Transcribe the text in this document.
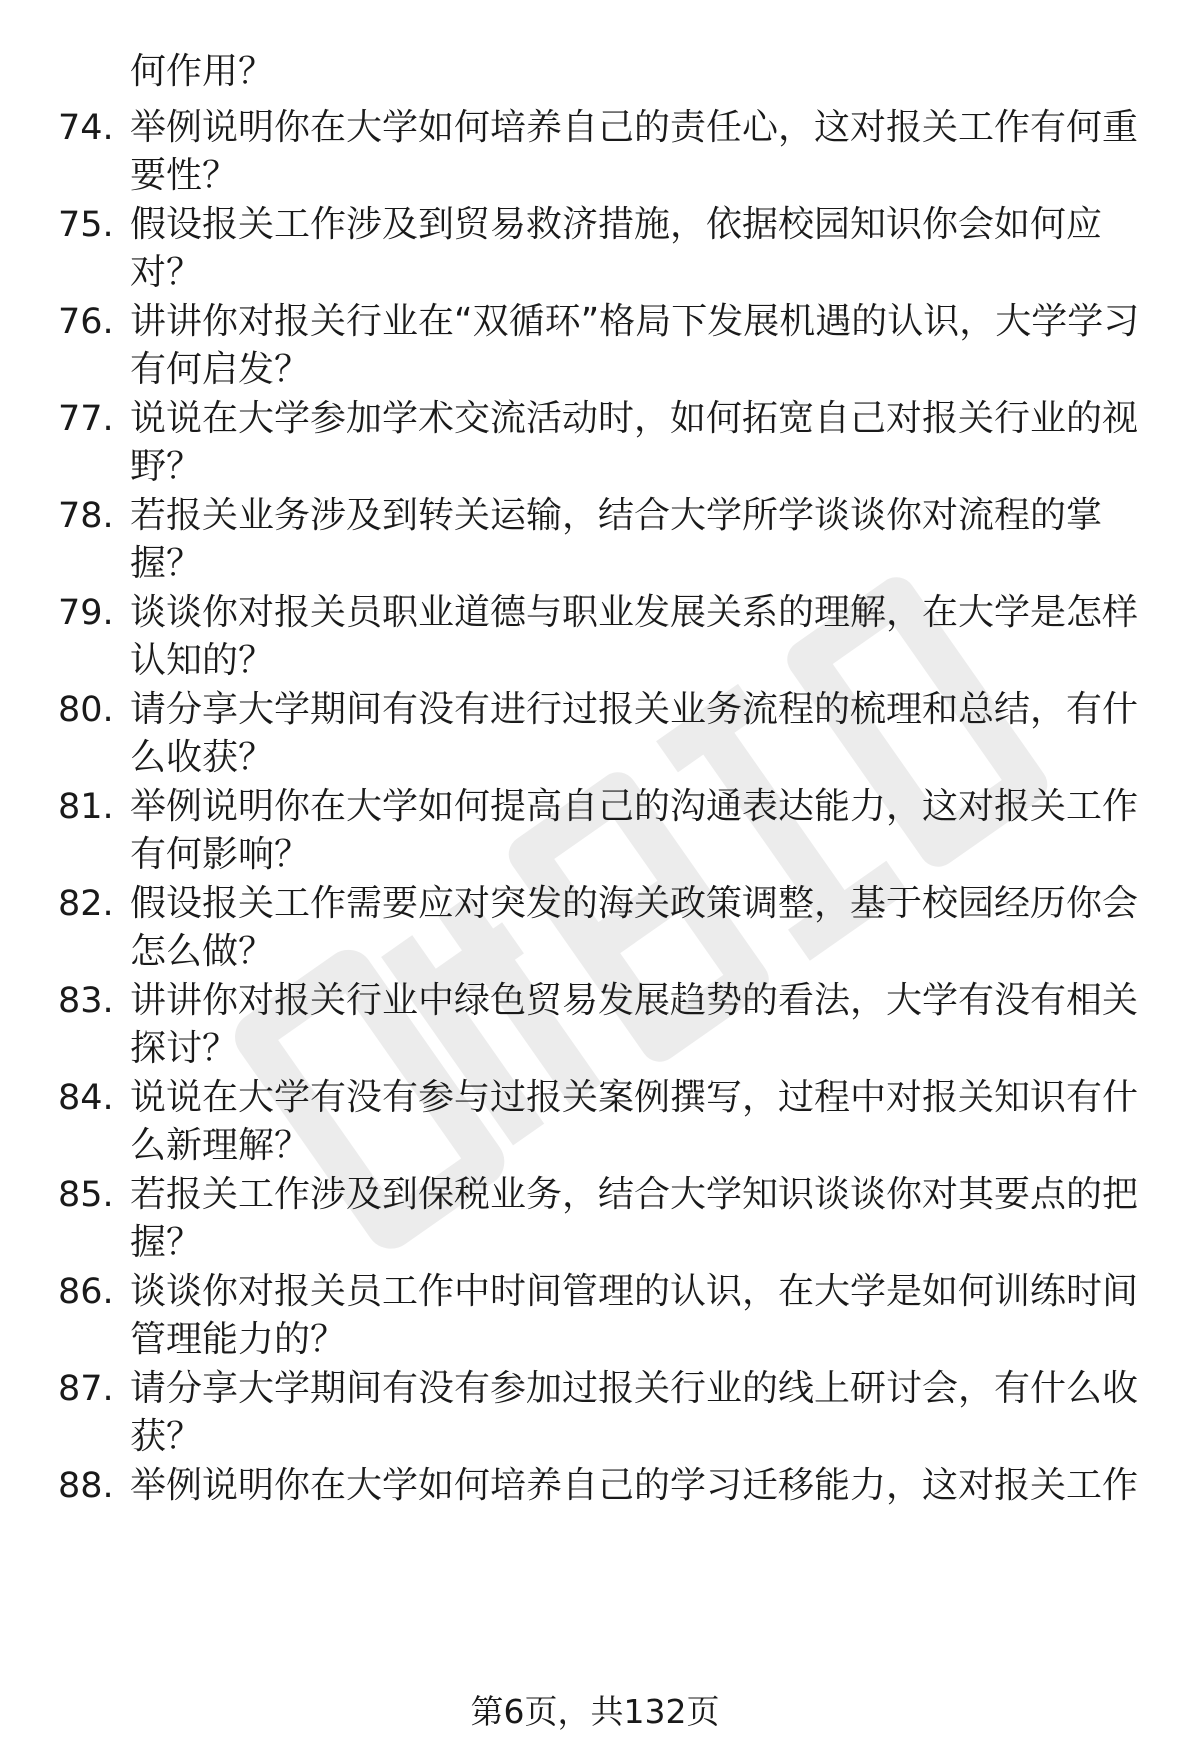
何作用？
74. 举例说明你在大学如何培养自己的责任心，这对报关工作有何重
要性？
75. 假设报关工作涉及到贸易救济措施，依据校园知识你会如何应
对？
76. 讲讲你对报关行业在“双循环”格局下发展机遇的认识，大学学习
有何启发？
77. 说说在大学参加学术交流活动时，如何拓宽自己对报关行业的视
野？
78. 若报关业务涉及到转关运输，结合大学所学谈谈你对流程的掌
握？
79. 谈谈你对报关员职业道德与职业发展关系的理解，在大学是怎样
认知的？
80. 请分享大学期间有没有进行过报关业务流程的梳理和总结，有什
么收获？
81. 举例说明你在大学如何提高自己的沟通表达能力，这对报关工作
有何影响？
82. 假设报关工作需要应对突发的海关政策调整，基于校园经历你会
怎么做？
83. 讲讲你对报关行业中绿色贸易发展趋势的看法，大学有没有相关
探讨？
84. 说说在大学有没有参与过报关案例撰写，过程中对报关知识有什
么新理解？
85. 若报关工作涉及到保税业务，结合大学知识谈谈你对其要点的把
握？
86. 谈谈你对报关员工作中时间管理的认识，在大学是如何训练时间
管理能力的？
87. 请分享大学期间有没有参加过报关行业的线上研讨会，有什么收
获？
88. 举例说明你在大学如何培养自己的学习迁移能力，这对报关工作
第6页，共132页
